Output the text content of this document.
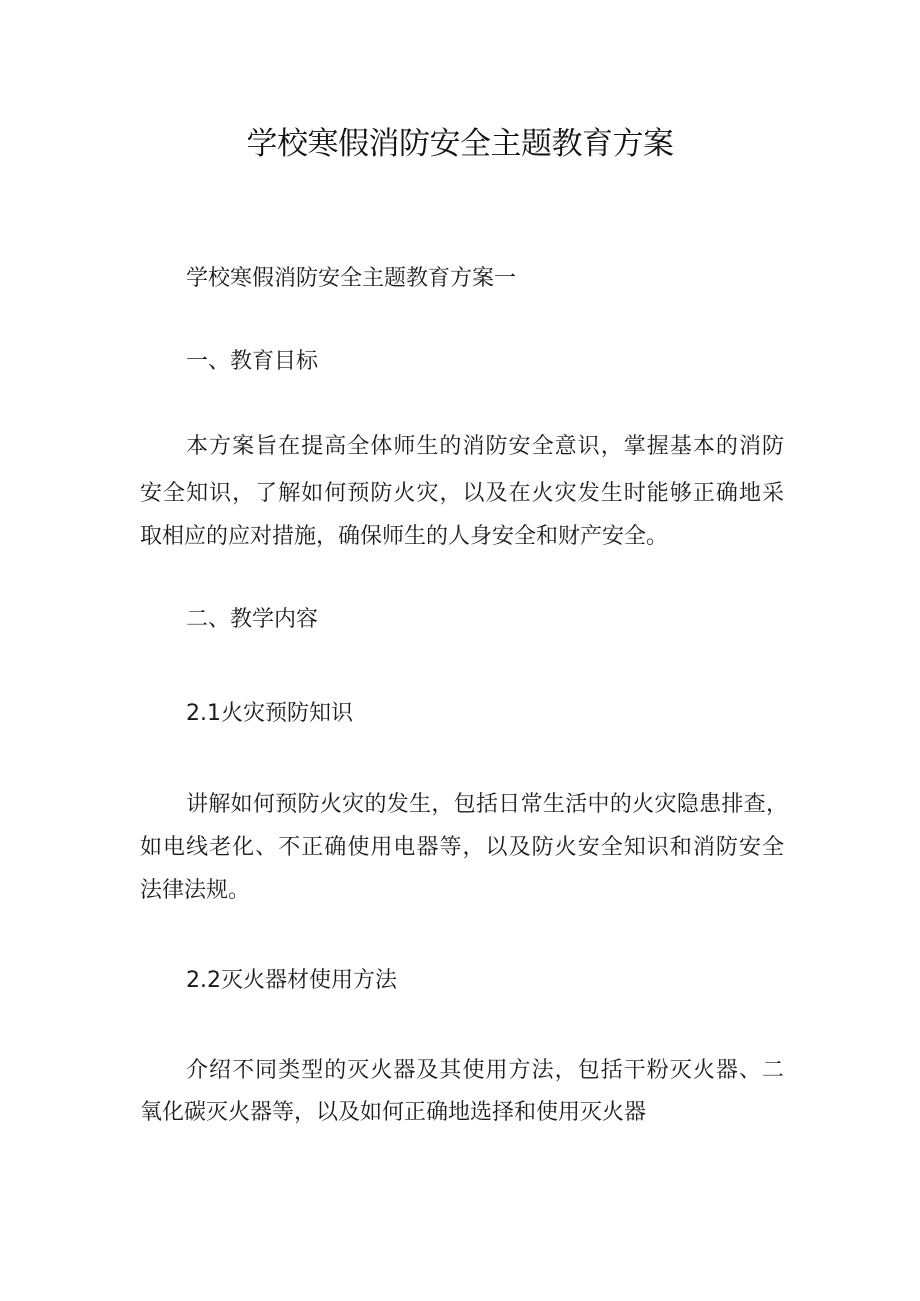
学校寒假消防安全主题教育方案

学校寒假消防安全主题教育方案一

一、教育目标

本方案旨在提高全体师生的消防安全意识，掌握基本的消防

安全知识，了解如何预防火灾，以及在火灾发生时能够正确地采

取相应的应对措施，确保师生的人身安全和财产安全。

二、教学内容

2.1火灾预防知识

讲解如何预防火灾的发生，包括日常生活中的火灾隐患排查，

如电线老化、不正确使用电器等，以及防火安全知识和消防安全

法律法规。

2.2灭火器材使用方法

介绍不同类型的灭火器及其使用方法，包括干粉灭火器、二

氧化碳灭火器等，以及如何正确地选择和使用灭火器
